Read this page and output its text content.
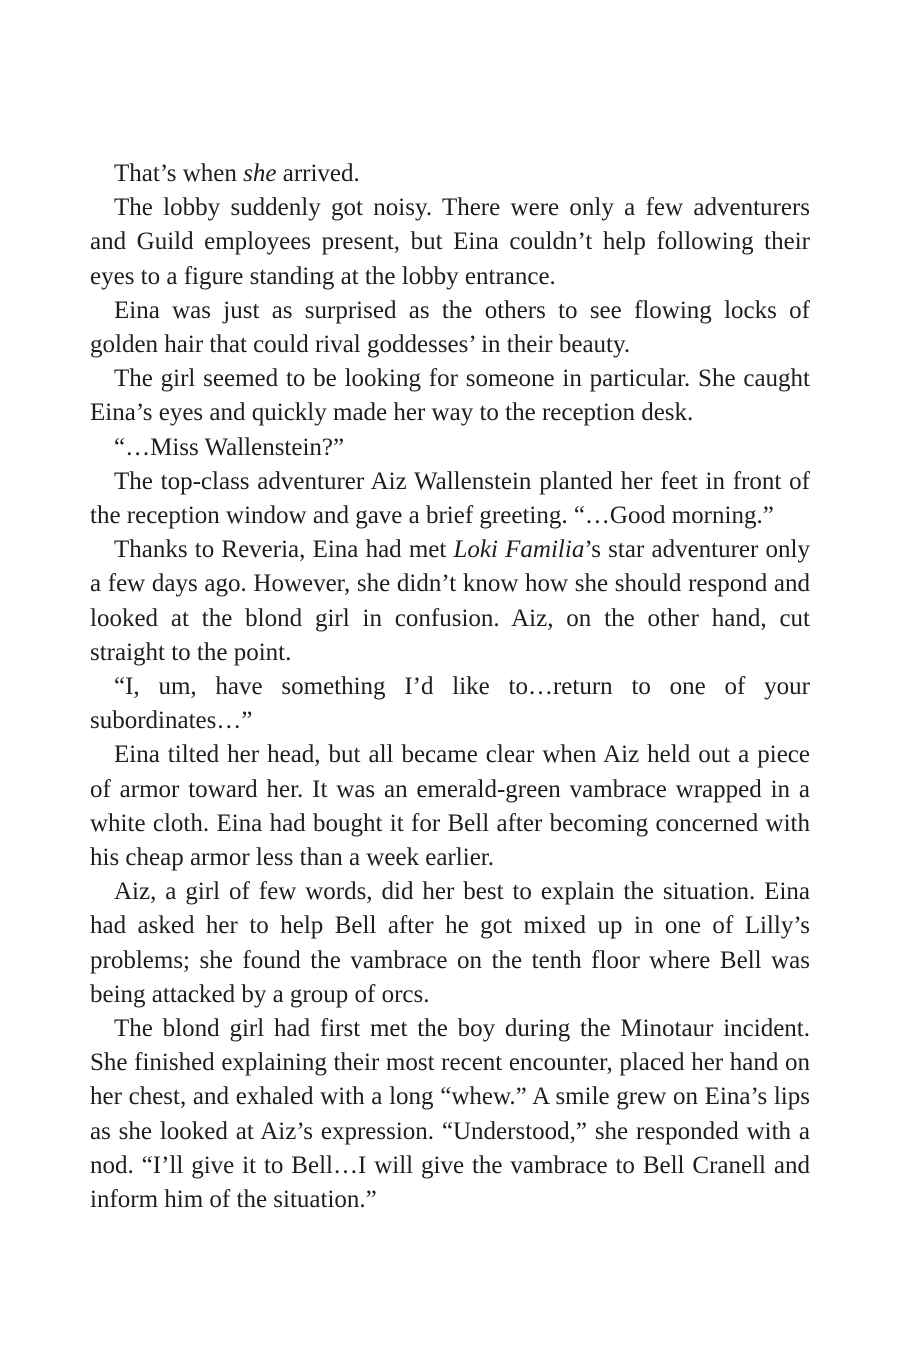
That’s when she arrived.

The lobby suddenly got noisy. There were only a few adventurers and Guild employees present, but Eina couldn’t help following their eyes to a figure standing at the lobby entrance.

Eina was just as surprised as the others to see flowing locks of golden hair that could rival goddesses’ in their beauty.

The girl seemed to be looking for someone in particular. She caught Eina’s eyes and quickly made her way to the reception desk.

“…Miss Wallenstein?”

The top-class adventurer Aiz Wallenstein planted her feet in front of the reception window and gave a brief greeting. “…Good morning.”

Thanks to Reveria, Eina had met Loki Familia’s star adventurer only a few days ago. However, she didn’t know how she should respond and looked at the blond girl in confusion. Aiz, on the other hand, cut straight to the point.

“I, um, have something I’d like to…return to one of your subordinates…”

Eina tilted her head, but all became clear when Aiz held out a piece of armor toward her. It was an emerald-green vambrace wrapped in a white cloth. Eina had bought it for Bell after becoming concerned with his cheap armor less than a week earlier.

Aiz, a girl of few words, did her best to explain the situation. Eina had asked her to help Bell after he got mixed up in one of Lilly’s problems; she found the vambrace on the tenth floor where Bell was being attacked by a group of orcs.

The blond girl had first met the boy during the Minotaur incident. She finished explaining their most recent encounter, placed her hand on her chest, and exhaled with a long “whew.” A smile grew on Eina’s lips as she looked at Aiz’s expression. “Understood,” she responded with a nod. “I’ll give it to Bell…I will give the vambrace to Bell Cranell and inform him of the situation.”
